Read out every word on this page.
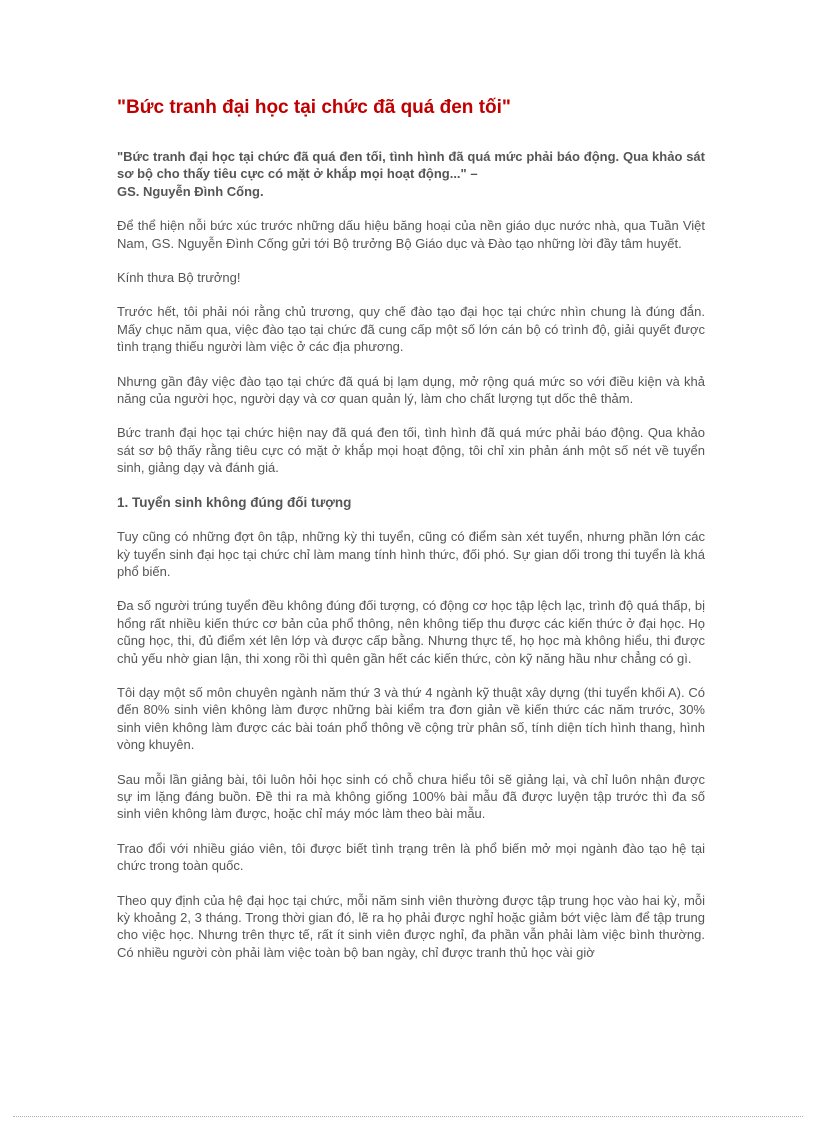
"Bức tranh đại học tại chức đã quá đen tối"

"Bức tranh đại học tại chức đã quá đen tối, tình hình đã quá mức phải báo động. Qua khảo sát sơ bộ cho thấy tiêu cực có mặt ở khắp mọi hoạt động..." –
GS. Nguyễn Đình Cống.

Để thể hiện nỗi bức xúc trước những dấu hiệu băng hoại của nền giáo dục nước nhà, qua Tuần Việt Nam, GS. Nguyễn Đình Cống gửi tới Bộ trưởng Bộ Giáo dục và Đào tạo những lời đầy tâm huyết.

Kính thưa Bộ trưởng!

Trước hết, tôi phải nói rằng chủ trương, quy chế đào tạo đại học tại chức nhìn chung là đúng đắn. Mấy chục năm qua, việc đào tạo tại chức đã cung cấp một số lớn cán bộ có trình độ, giải quyết được tình trạng thiếu người làm việc ở các địa phương.

Nhưng gần đây việc đào tạo tại chức đã quá bị lạm dụng, mở rộng quá mức so với điều kiện và khả năng của người học, người dạy và cơ quan quản lý, làm cho chất lượng tụt dốc thê thảm.

Bức tranh đại học tại chức hiện nay đã quá đen tối, tình hình đã quá mức phải báo động. Qua khảo sát sơ bộ thấy rằng tiêu cực có mặt ở khắp mọi hoạt động, tôi chỉ xin phản ánh một số nét về tuyển sinh, giảng dạy và đánh giá.

1. Tuyển sinh không đúng đối tượng

Tuy cũng có những đợt ôn tập, những kỳ thi tuyển, cũng có điểm sàn xét tuyển, nhưng phần lớn các kỳ tuyển sinh đại học tại chức chỉ làm mang tính hình thức, đối phó. Sự gian dối trong thi tuyển là khá phổ biến.

Đa số người trúng tuyển đều không đúng đối tượng, có động cơ học tập lệch lạc, trình độ quá thấp, bị hổng rất nhiều kiến thức cơ bản của phổ thông, nên không tiếp thu được các kiến thức ở đại học. Họ cũng học, thi, đủ điểm xét lên lớp và được cấp bằng. Nhưng thực tế, họ học mà không hiểu, thi được chủ yếu nhờ gian lận, thi xong rồi thì quên gần hết các kiến thức, còn kỹ năng hầu như chẳng có gì.

Tôi dạy một số môn chuyên ngành năm thứ 3 và thứ 4 ngành kỹ thuật xây dựng (thi tuyển khối A). Có đến 80% sinh viên không làm được những bài kiểm tra đơn giản về kiến thức các năm trước, 30% sinh viên không làm được các bài toán phổ thông về cộng trừ phân số, tính diện tích hình thang, hình vòng khuyên.

Sau mỗi lần giảng bài, tôi luôn hỏi học sinh có chỗ chưa hiểu tôi sẽ giảng lại, và chỉ luôn nhận được sự im lặng đáng buồn. Đề thi ra mà không giống 100% bài mẫu đã được luyện tập trước thì đa số sinh viên không làm được, hoặc chỉ máy móc làm theo bài mẫu.

Trao đổi với nhiều giáo viên, tôi được biết tình trạng trên là phổ biến mở mọi ngành đào tạo hệ tại chức trong toàn quốc.

Theo quy định của hệ đại học tại chức, mỗi năm sinh viên thường được tập trung học vào hai kỳ, mỗi kỳ khoảng 2, 3 tháng. Trong thời gian đó, lẽ ra họ phải được nghỉ hoặc giảm bớt việc làm để tập trung cho việc học. Nhưng trên thực tế, rất ít sinh viên được nghỉ, đa phần vẫn phải làm việc bình thường. Có nhiều người còn phải làm việc toàn bộ ban ngày, chỉ được tranh thủ học vài giờ
